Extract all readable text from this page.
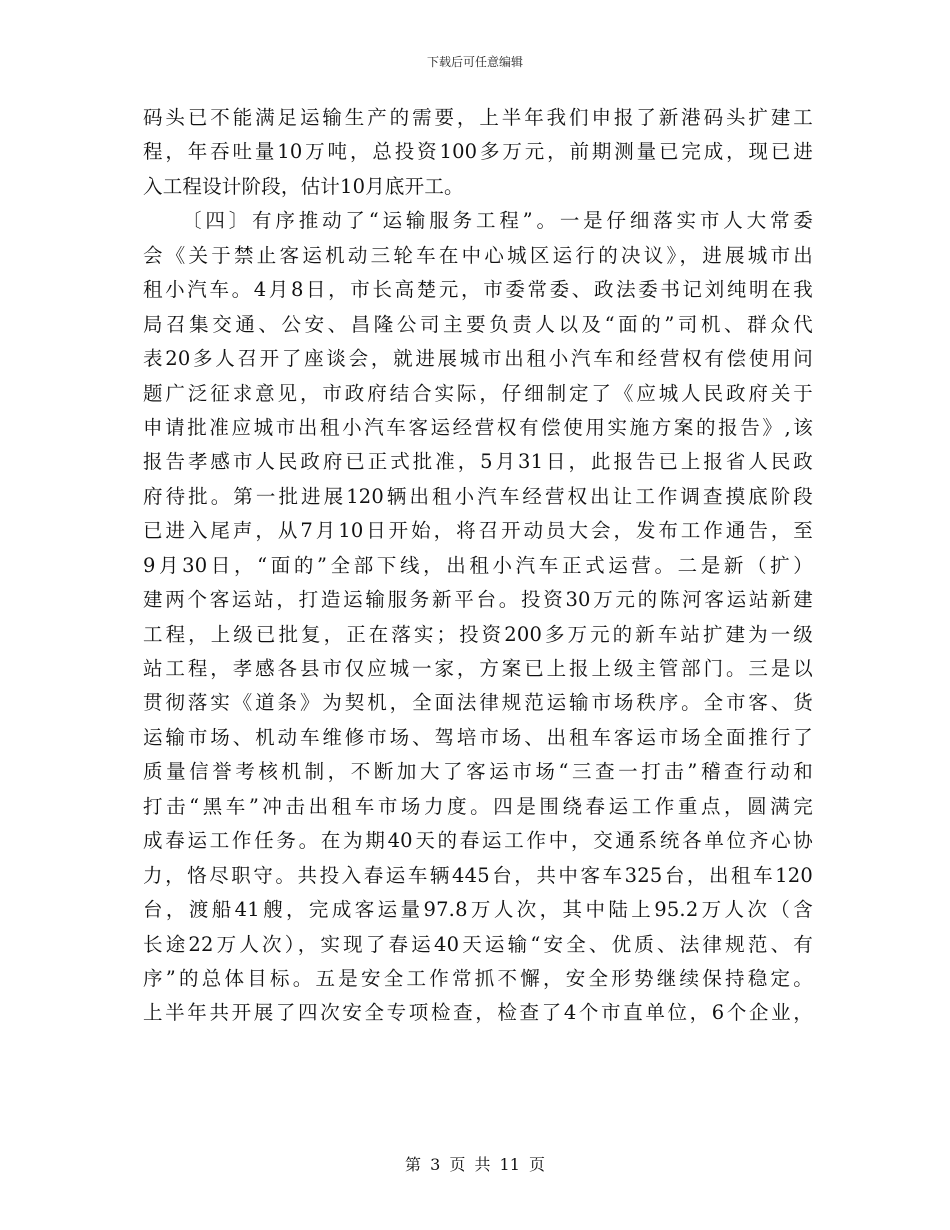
下载后可任意编辑
码头已不能满足运输生产的需要，上半年我们申报了新港码头扩建工
程，年吞吐量10万吨，总投资100多万元，前期测量已完成，现已进
入工程设计阶段，估计10月底开工。
〔四〕有序推动了“运输服务工程”。一是仔细落实市人大常委
会《关于禁止客运机动三轮车在中心城区运行的决议》，进展城市出
租小汽车。4月8日，市长高楚元，市委常委、政法委书记刘纯明在我
局召集交通、公安、昌隆公司主要负责人以及“面的”司机、群众代
表20多人召开了座谈会，就进展城市出租小汽车和经营权有偿使用问
题广泛征求意见，市政府结合实际，仔细制定了《应城人民政府关于
申请批准应城市出租小汽车客运经营权有偿使用实施方案的报告》,该
报告孝感市人民政府已正式批准，5月31日，此报告已上报省人民政
府待批。第一批进展120辆出租小汽车经营权出让工作调查摸底阶段
已进入尾声，从7月10日开始，将召开动员大会，发布工作通告，至
9月30日，“面的”全部下线，出租小汽车正式运营。二是新（扩）
建两个客运站，打造运输服务新平台。投资30万元的陈河客运站新建
工程，上级已批复，正在落实；投资200多万元的新车站扩建为一级
站工程，孝感各县市仅应城一家，方案已上报上级主管部门。三是以
贯彻落实《道条》为契机，全面法律规范运输市场秩序。全市客、货
运输市场、机动车维修市场、驾培市场、出租车客运市场全面推行了
质量信誉考核机制，不断加大了客运市场“三查一打击”稽查行动和
打击“黑车”冲击出租车市场力度。四是围绕春运工作重点，圆满完
成春运工作任务。在为期40天的春运工作中，交通系统各单位齐心协
力，恪尽职守。共投入春运车辆445台，共中客车325台，出租车120
台，渡船41艘，完成客运量97.8万人次，其中陆上95.2万人次（含
长途22万人次），实现了春运40天运输“安全、优质、法律规范、有
序”的总体目标。五是安全工作常抓不懈，安全形势继续保持稳定。
上半年共开展了四次安全专项检查，检查了4个市直单位，6个企业，
第 3 页 共 11 页
